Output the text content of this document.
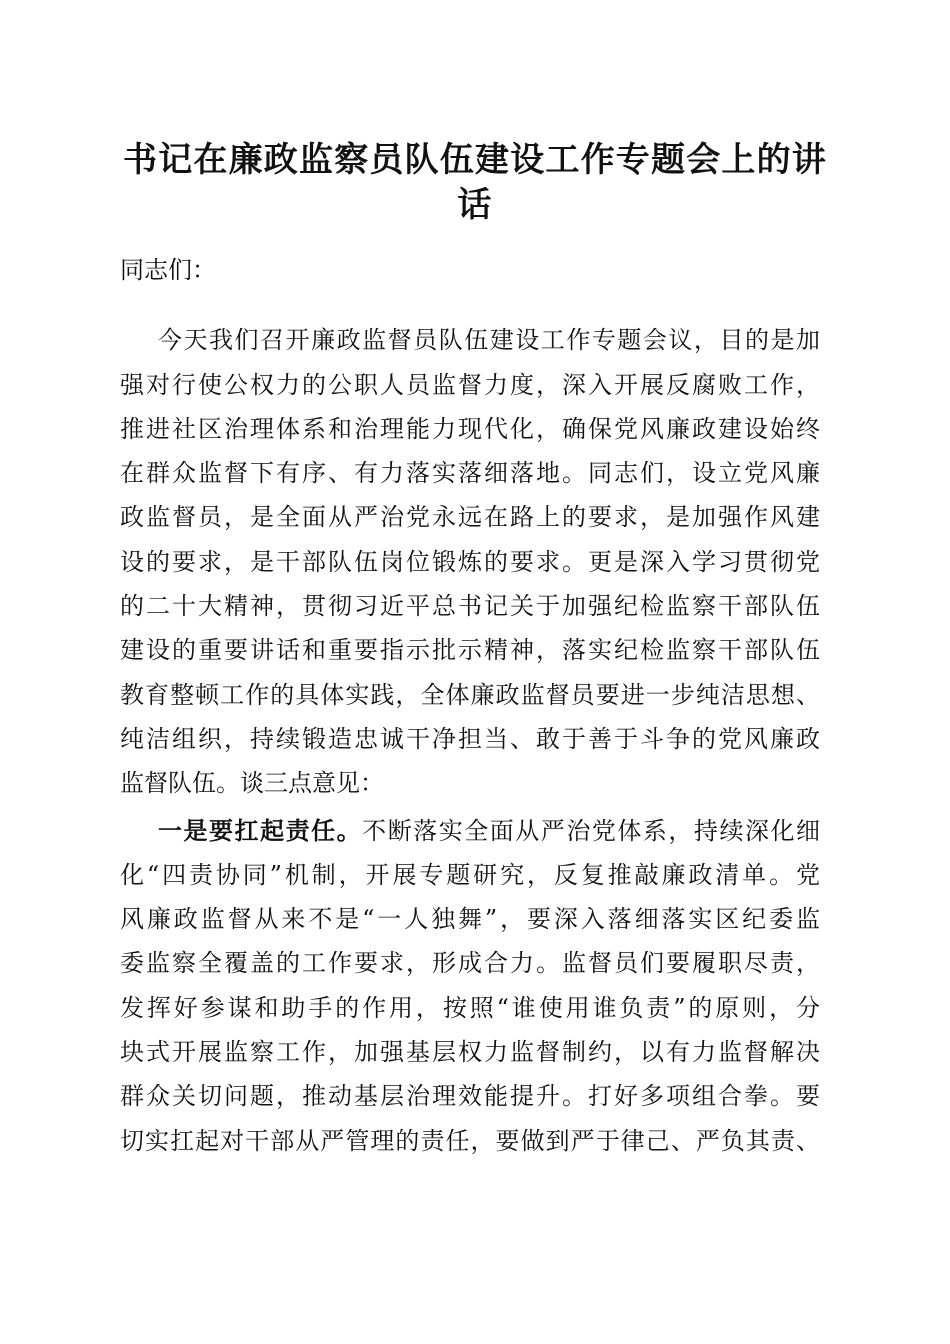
书记在廉政监察员队伍建设工作专题会上的讲话
同志们：
今天我们召开廉政监督员队伍建设工作专题会议，目的是加
强对行使公权力的公职人员监督力度，深入开展反腐败工作，
推进社区治理体系和治理能力现代化，确保党风廉政建设始终
在群众监督下有序、有力落实落细落地。同志们，设立党风廉
政监督员，是全面从严治党永远在路上的要求，是加强作风建
设的要求，是干部队伍岗位锻炼的要求。更是深入学习贯彻党
的二十大精神，贯彻习近平总书记关于加强纪检监察干部队伍
建设的重要讲话和重要指示批示精神，落实纪检监察干部队伍
教育整顿工作的具体实践，全体廉政监督员要进一步纯洁思想、
纯洁组织，持续锻造忠诚干净担当、敢于善于斗争的党风廉政
监督队伍。谈三点意见：
一是要扛起责任。不断落实全面从严治党体系，持续深化细
化“四责协同”机制，开展专题研究，反复推敲廉政清单。党
风廉政监督从来不是“一人独舞”，要深入落细落实区纪委监
委监察全覆盖的工作要求，形成合力。监督员们要履职尽责，
发挥好参谋和助手的作用，按照“谁使用谁负责”的原则，分
块式开展监察工作，加强基层权力监督制约，以有力监督解决
群众关切问题，推动基层治理效能提升。打好多项组合拳。要
切实扛起对干部从严管理的责任，要做到严于律己、严负其责、
